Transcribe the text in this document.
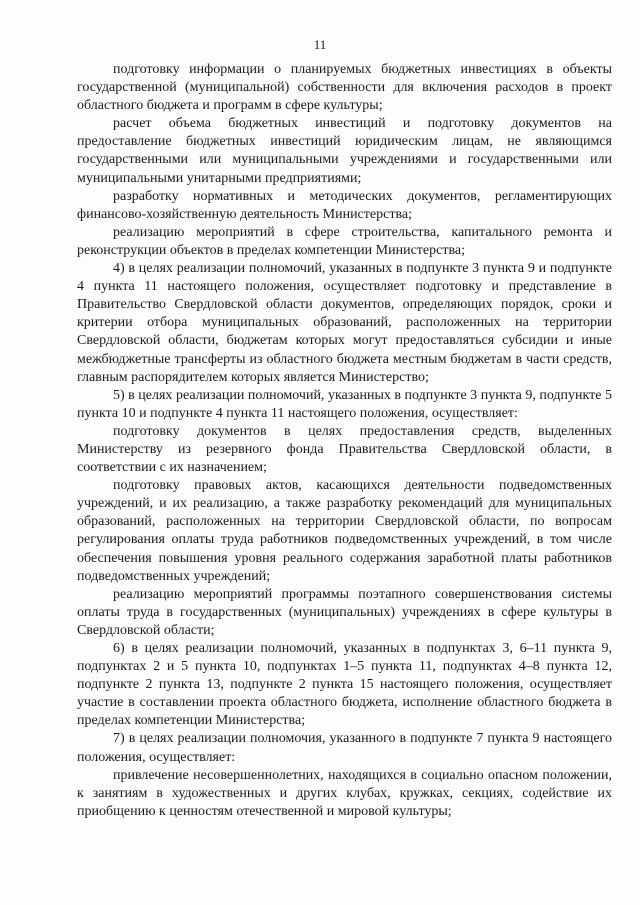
11

подготовку информации о планируемых бюджетных инвестициях в объекты государственной (муниципальной) собственности для включения расходов в проект областного бюджета и программ в сфере культуры;

расчет объема бюджетных инвестиций и подготовку документов на предоставление бюджетных инвестиций юридическим лицам, не являющимся государственными или муниципальными учреждениями и государственными или муниципальными унитарными предприятиями;

разработку нормативных и методических документов, регламентирующих финансово-хозяйственную деятельность Министерства;

реализацию мероприятий в сфере строительства, капитального ремонта и реконструкции объектов в пределах компетенции Министерства;

4) в целях реализации полномочий, указанных в подпункте 3 пункта 9 и подпункте 4 пункта 11 настоящего положения, осуществляет подготовку и представление в Правительство Свердловской области документов, определяющих порядок, сроки и критерии отбора муниципальных образований, расположенных на территории Свердловской области, бюджетам которых могут предоставляться субсидии и иные межбюджетные трансферты из областного бюджета местным бюджетам в части средств, главным распорядителем которых является Министерство;

5) в целях реализации полномочий, указанных в подпункте 3 пункта 9, подпункте 5 пункта 10 и подпункте 4 пункта 11 настоящего положения, осуществляет:

подготовку документов в целях предоставления средств, выделенных Министерству из резервного фонда Правительства Свердловской области, в соответствии с их назначением;

подготовку правовых актов, касающихся деятельности подведомственных учреждений, и их реализацию, а также разработку рекомендаций для муниципальных образований, расположенных на территории Свердловской области, по вопросам регулирования оплаты труда работников подведомственных учреждений, в том числе обеспечения повышения уровня реального содержания заработной платы работников подведомственных учреждений;

реализацию мероприятий программы поэтапного совершенствования системы оплаты труда в государственных (муниципальных) учреждениях в сфере культуры в Свердловской области;

6) в целях реализации полномочий, указанных в подпунктах 3, 6–11 пункта 9, подпунктах 2 и 5 пункта 10, подпунктах 1–5 пункта 11, подпунктах 4–8 пункта 12, подпункте 2 пункта 13, подпункте 2 пункта 15 настоящего положения, осуществляет участие в составлении проекта областного бюджета, исполнение областного бюджета в пределах компетенции Министерства;

7) в целях реализации полномочия, указанного в подпункте 7 пункта 9 настоящего положения, осуществляет:

привлечение несовершеннолетних, находящихся в социально опасном положении, к занятиям в художественных и других клубах, кружках, секциях, содействие их приобщению к ценностям отечественной и мировой культуры;
